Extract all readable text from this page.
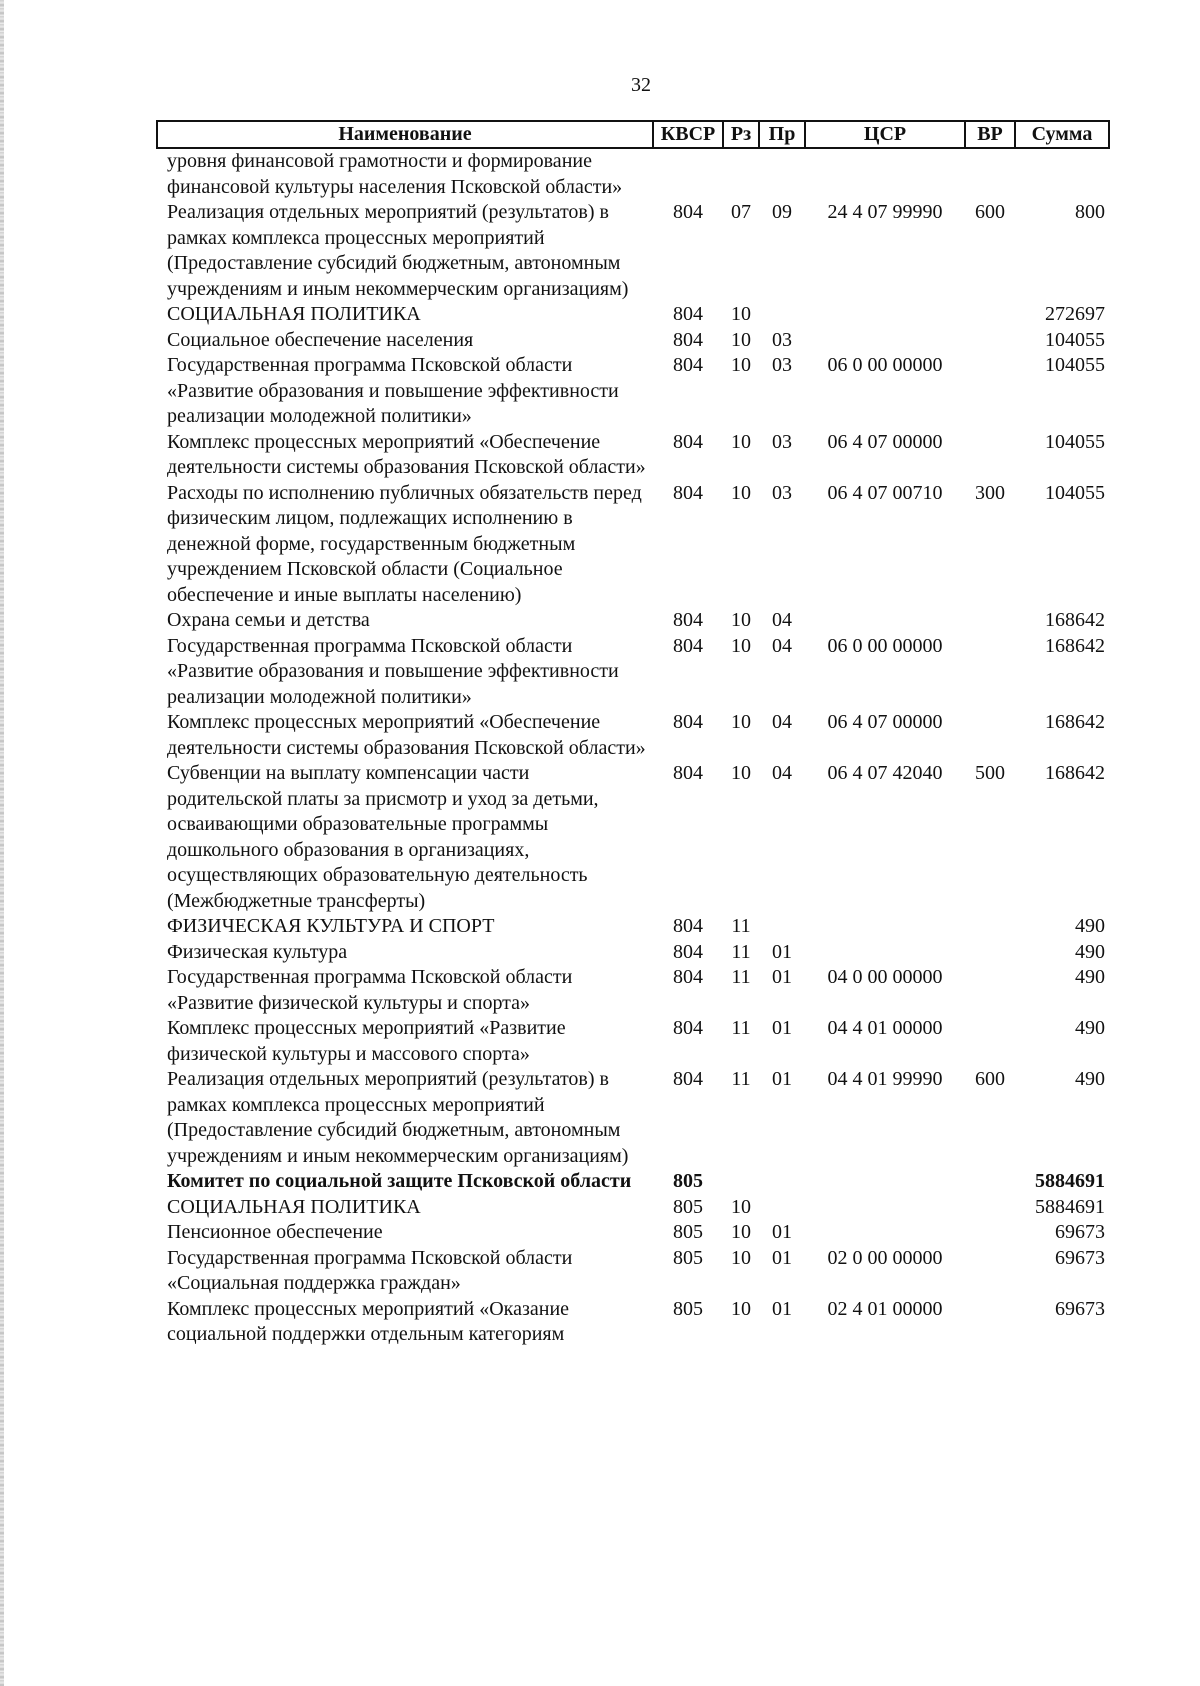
32
Наименование	КВСР	Рз	Пр	ЦСР	ВР	Сумма
уровня финансовой грамотности и формирование финансовой культуры населения Псковской области»						
Реализация отдельных мероприятий (результатов) в рамках комплекса процессных мероприятий (Предоставление субсидий бюджетным, автономным учреждениям и иным некоммерческим организациям)	804	07	09	24 4 07 99990	600	800
СОЦИАЛЬНАЯ ПОЛИТИКА	804	10				272697
Социальное обеспечение населения	804	10	03			104055
Государственная программа Псковской области «Развитие образования и повышение эффективности реализации молодежной политики»	804	10	03	06 0 00 00000		104055
Комплекс процессных мероприятий «Обеспечение деятельности системы образования Псковской области»	804	10	03	06 4 07 00000		104055
Расходы по исполнению публичных обязательств перед физическим лицом, подлежащих исполнению в денежной форме, государственным бюджетным учреждением Псковской области (Социальное обеспечение и иные выплаты населению)	804	10	03	06 4 07 00710	300	104055
Охрана семьи и детства	804	10	04			168642
Государственная программа Псковской области «Развитие образования и повышение эффективности реализации молодежной политики»	804	10	04	06 0 00 00000		168642
Комплекс процессных мероприятий «Обеспечение деятельности системы образования Псковской области»	804	10	04	06 4 07 00000		168642
Субвенции на выплату компенсации части родительской платы за присмотр и уход за детьми, осваивающими образовательные программы дошкольного образования в организациях, осуществляющих образовательную деятельность (Межбюджетные трансферты)	804	10	04	06 4 07 42040	500	168642
ФИЗИЧЕСКАЯ КУЛЬТУРА И СПОРТ	804	11				490
Физическая культура	804	11	01			490
Государственная программа Псковской области «Развитие физической культуры и спорта»	804	11	01	04 0 00 00000		490
Комплекс процессных мероприятий «Развитие физической культуры и массового спорта»	804	11	01	04 4 01 00000		490
Реализация отдельных мероприятий (результатов) в рамках комплекса процессных мероприятий (Предоставление субсидий бюджетным, автономным учреждениям и иным некоммерческим организациям)	804	11	01	04 4 01 99990	600	490
Комитет по социальной защите Псковской области	805					5884691
СОЦИАЛЬНАЯ ПОЛИТИКА	805	10				5884691
Пенсионное обеспечение	805	10	01			69673
Государственная программа Псковской области «Социальная поддержка граждан»	805	10	01	02 0 00 00000		69673
Комплекс процессных мероприятий «Оказание социальной поддержки отдельным категориям	805	10	01	02 4 01 00000		69673
